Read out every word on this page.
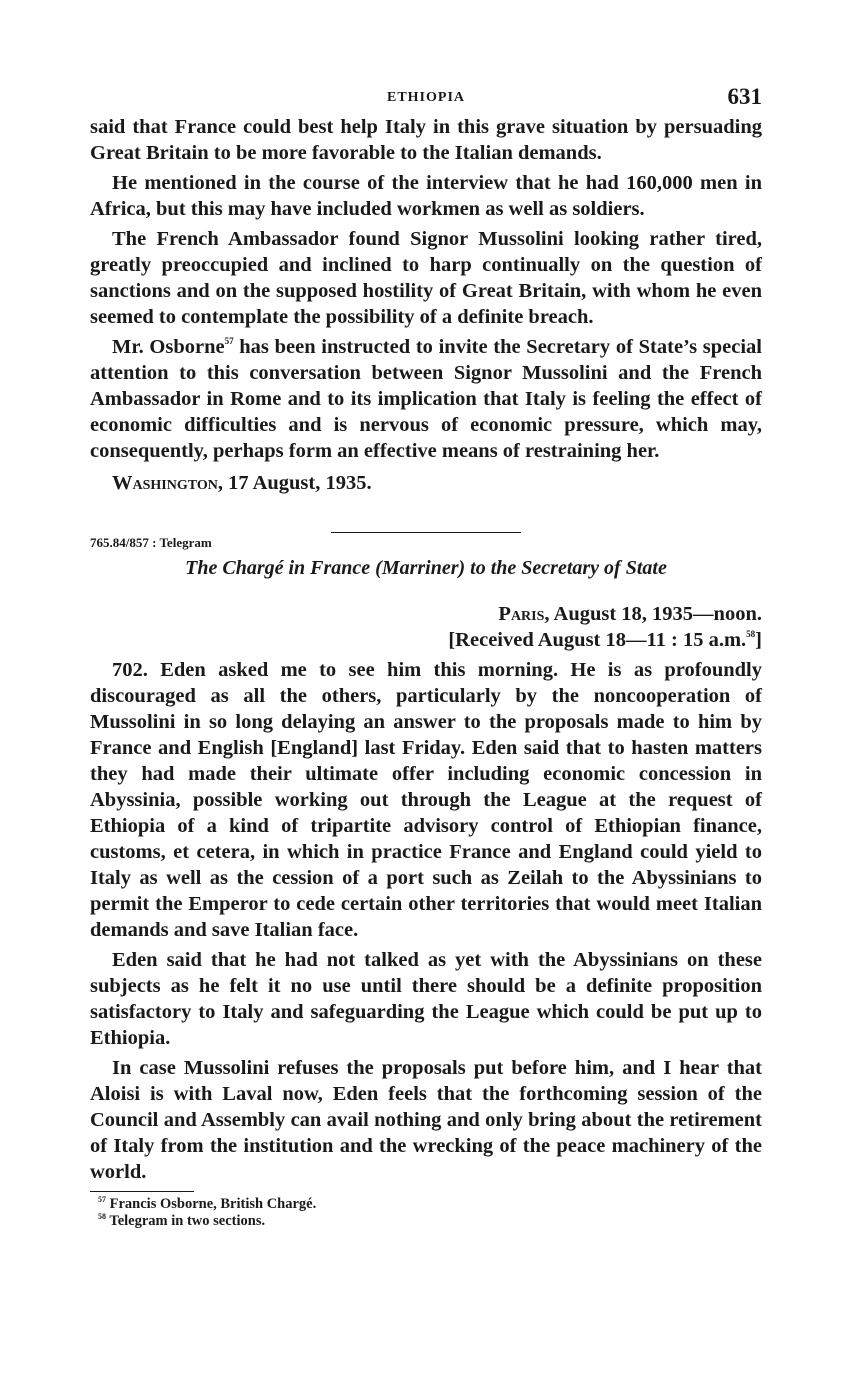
ETHIOPIA	631

said that France could best help Italy in this grave situation by persuading Great Britain to be more favorable to the Italian demands.

He mentioned in the course of the interview that he had 160,000 men in Africa, but this may have included workmen as well as soldiers.

The French Ambassador found Signor Mussolini looking rather tired, greatly preoccupied and inclined to harp continually on the question of sanctions and on the supposed hostility of Great Britain, with whom he even seemed to contemplate the possibility of a definite breach.

Mr. Osborne$^{57}$ has been instructed to invite the Secretary of State’s special attention to this conversation between Signor Mussolini and the French Ambassador in Rome and to its implication that Italy is feeling the effect of economic difficulties and is nervous of economic pressure, which may, consequently, perhaps form an effective means of restraining her.

Washington, 17 August, 1935.

765.84/857 : Telegram
The Chargé in France (Marriner) to the Secretary of State
Paris, August 18, 1935—noon.
[Received August 18—11 : 15 a.m.$^{58}$]

702. Eden asked me to see him this morning. He is as profoundly discouraged as all the others, particularly by the noncooperation of Mussolini in so long delaying an answer to the proposals made to him by France and English [England] last Friday. Eden said that to hasten matters they had made their ultimate offer including economic concession in Abyssinia, possible working out through the League at the request of Ethiopia of a kind of tripartite advisory control of Ethiopian finance, customs, et cetera, in which in practice France and England could yield to Italy as well as the cession of a port such as Zeilah to the Abyssinians to permit the Emperor to cede certain other territories that would meet Italian demands and save Italian face.

Eden said that he had not talked as yet with the Abyssinians on these subjects as he felt it no use until there should be a definite proposition satisfactory to Italy and safeguarding the League which could be put up to Ethiopia.

In case Mussolini refuses the proposals put before him, and I hear that Aloisi is with Laval now, Eden feels that the forthcoming session of the Council and Assembly can avail nothing and only bring about the retirement of Italy from the institution and the wrecking of the peace machinery of the world.

$^{57}$ Francis Osborne, British Chargé.
$^{58}$ Telegram in two sections.
